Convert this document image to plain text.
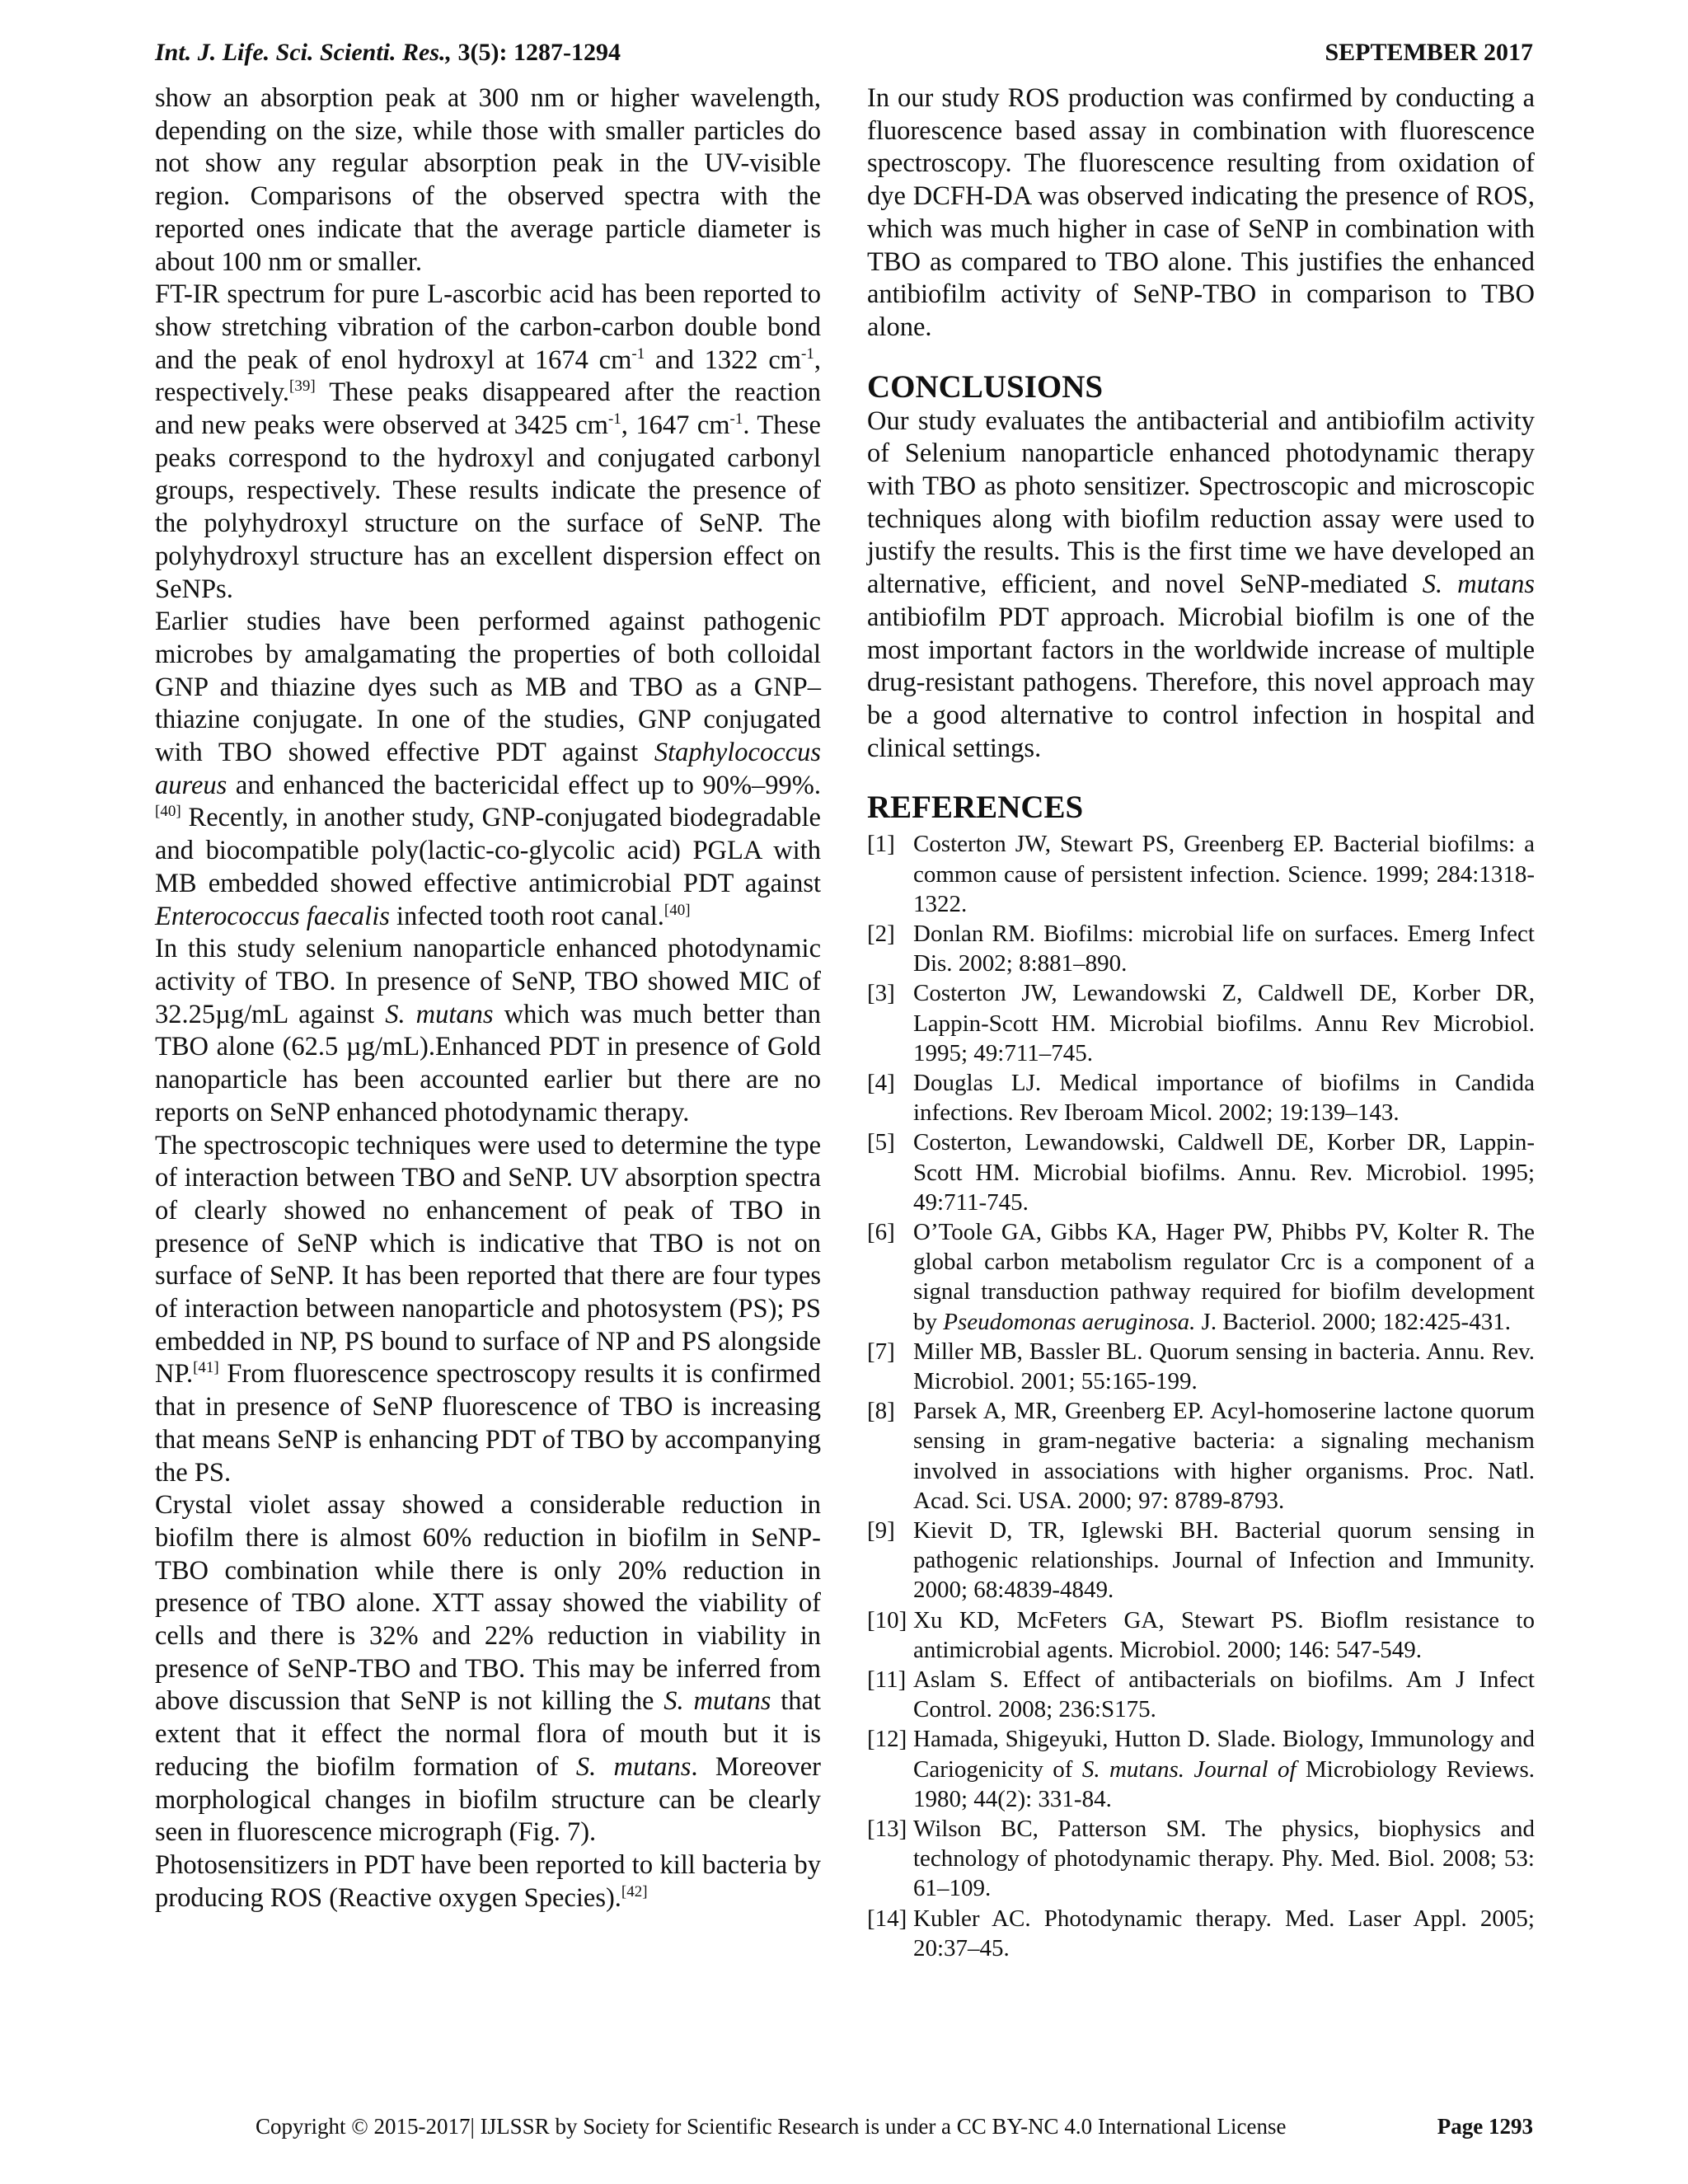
Int. J. Life. Sci. Scienti. Res., 3(5): 1287-1294	SEPTEMBER 2017

show an absorption peak at 300 nm or higher wavelength, depending on the size, while those with smaller particles do not show any regular absorption peak in the UV-visible region. Comparisons of the observed spectra with the reported ones indicate that the average particle diameter is about 100 nm or smaller.

FT-IR spectrum for pure L-ascorbic acid has been reported to show stretching vibration of the carbon-carbon double bond and the peak of enol hydroxyl at 1674 $cm^{-1}$ and 1322 $cm^{-1}$, respectively.[39] These peaks disappeared after the reaction and new peaks were observed at 3425 $cm^{-1}$, 1647 $cm^{-1}$. These peaks correspond to the hydroxyl and conjugated carbonyl groups, respectively. These results indicate the presence of the polyhydroxyl structure on the surface of SeNP. The polyhydroxyl structure has an excellent dispersion effect on SeNPs.

Earlier studies have been performed against pathogenic microbes by amalgamating the properties of both colloidal GNP and thiazine dyes such as MB and TBO as a GNP–thiazine conjugate. In one of the studies, GNP conjugated with TBO showed effective PDT against Staphylococcus aureus and enhanced the bactericidal effect up to 90%–99%.[40] Recently, in another study, GNP-conjugated biodegradable and biocompatible poly(lactic-co-glycolic acid) PGLA with MB embedded showed effective antimicrobial PDT against Enterococcus faecalis infected tooth root canal.[40]

In this study selenium nanoparticle enhanced photodynamic activity of TBO. In presence of SeNP, TBO showed MIC of 32.25µg/mL against S. mutans which was much better than TBO alone (62.5 µg/mL).Enhanced PDT in presence of Gold nanoparticle has been accounted earlier but there are no reports on SeNP enhanced photodynamic therapy.

The spectroscopic techniques were used to determine the type of interaction between TBO and SeNP. UV absorption spectra of clearly showed no enhancement of peak of TBO in presence of SeNP which is indicative that TBO is not on surface of SeNP. It has been reported that there are four types of interaction between nanoparticle and photosystem (PS); PS embedded in NP, PS bound to surface of NP and PS alongside NP.[41] From fluorescence spectroscopy results it is confirmed that in presence of SeNP fluorescence of TBO is increasing that means SeNP is enhancing PDT of TBO by accompanying the PS.

Crystal violet assay showed a considerable reduction in biofilm there is almost 60% reduction in biofilm in SeNP-TBO combination while there is only 20% reduction in presence of TBO alone. XTT assay showed the viability of cells and there is 32% and 22% reduction in viability in presence of SeNP-TBO and TBO. This may be inferred from above discussion that SeNP is not killing the S. mutans that extent that it effect the normal flora of mouth but it is reducing the biofilm formation of S. mutans. Moreover morphological changes in biofilm structure can be clearly seen in fluorescence micrograph (Fig. 7).

Photosensitizers in PDT have been reported to kill bacteria by producing ROS (Reactive oxygen Species).[42]

In our study ROS production was confirmed by conducting a fluorescence based assay in combination with fluorescence spectroscopy. The fluorescence resulting from oxidation of dye DCFH-DA was observed indicating the presence of ROS, which was much higher in case of SeNP in combination with TBO as compared to TBO alone. This justifies the enhanced antibiofilm activity of SeNP-TBO in comparison to TBO alone.

CONCLUSIONS

Our study evaluates the antibacterial and antibiofilm activity of Selenium nanoparticle enhanced photodynamic therapy with TBO as photo sensitizer. Spectroscopic and microscopic techniques along with biofilm reduction assay were used to justify the results. This is the first time we have developed an alternative, efficient, and novel SeNP-mediated S. mutans antibiofilm PDT approach. Microbial biofilm is one of the most important factors in the worldwide increase of multiple drug-resistant pathogens. Therefore, this novel approach may be a good alternative to control infection in hospital and clinical settings.

REFERENCES
[1] Costerton JW, Stewart PS, Greenberg EP. Bacterial biofilms: a common cause of persistent infection. Science. 1999; 284:1318-1322.
[2] Donlan RM. Biofilms: microbial life on surfaces. Emerg Infect Dis. 2002; 8:881–890.
[3] Costerton JW, Lewandowski Z, Caldwell DE, Korber DR, Lappin-Scott HM. Microbial biofilms. Annu Rev Microbiol. 1995; 49:711–745.
[4] Douglas LJ. Medical importance of biofilms in Candida infections. Rev Iberoam Micol. 2002; 19:139–143.
[5] Costerton, Lewandowski, Caldwell DE, Korber DR, Lappin-Scott HM. Microbial biofilms. Annu. Rev. Microbiol. 1995; 49:711-745.
[6] O’Toole GA, Gibbs KA, Hager PW, Phibbs PV, Kolter R. The global carbon metabolism regulator Crc is a component of a signal transduction pathway required for biofilm development by Pseudomonas aeruginosa. J. Bacteriol. 2000; 182:425-431.
[7] Miller MB, Bassler BL. Quorum sensing in bacteria. Annu. Rev. Microbiol. 2001; 55:165-199.
[8] Parsek A, MR, Greenberg EP. Acyl-homoserine lactone quorum sensing in gram-negative bacteria: a signaling mechanism involved in associations with higher organisms. Proc. Natl. Acad. Sci. USA. 2000; 97: 8789-8793.
[9] Kievit D, TR, Iglewski BH. Bacterial quorum sensing in pathogenic relationships. Journal of Infection and Immunity. 2000; 68:4839-4849.
[10] Xu KD, McFeters GA, Stewart PS. Bioflm resistance to antimicrobial agents. Microbiol. 2000; 146: 547-549.
[11] Aslam S. Effect of antibacterials on biofilms. Am J Infect Control. 2008; 236:S175.
[12] Hamada, Shigeyuki, Hutton D. Slade. Biology, Immunology and Cariogenicity of S. mutans. Journal of Microbiology Reviews. 1980; 44(2): 331-84.
[13] Wilson BC, Patterson SM. The physics, biophysics and technology of photodynamic therapy. Phy. Med. Biol. 2008; 53: 61–109.
[14] Kubler AC. Photodynamic therapy. Med. Laser Appl. 2005; 20:37–45.
Copyright © 2015-2017| IJLSSR by Society for Scientific Research is under a CC BY-NC 4.0 International License	Page 1293
